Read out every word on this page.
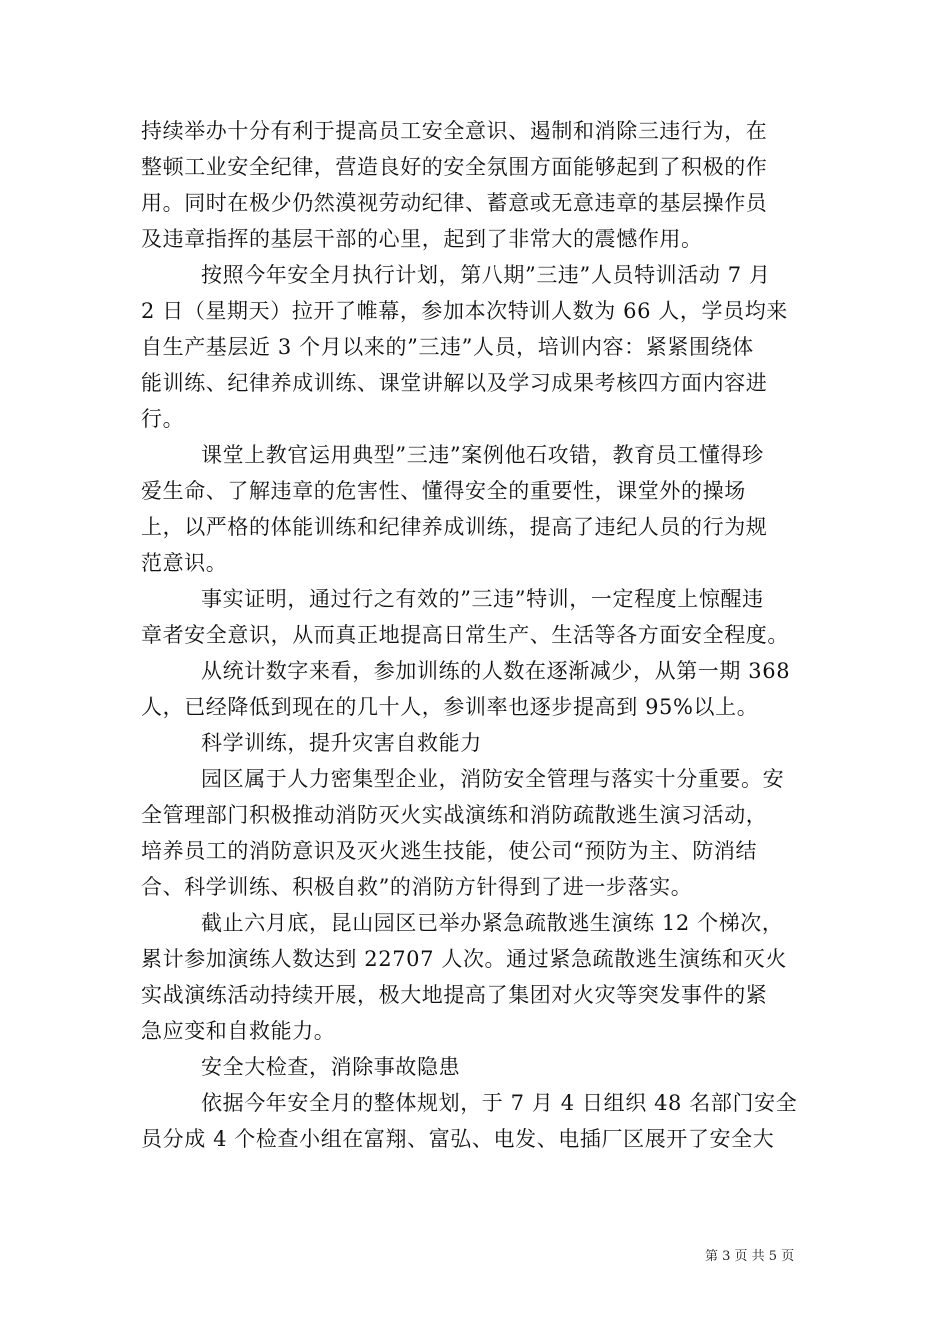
持续举办十分有利于提高员工安全意识、遏制和消除三违行为，在
整顿工业安全纪律，营造良好的安全氛围方面能够起到了积极的作
用。同时在极少仍然漠视劳动纪律、蓄意或无意违章的基层操作员
及违章指挥的基层干部的心里，起到了非常大的震憾作用。
按照今年安全月执行计划，第八期”三违”人员特训活动 7 月
2 日（星期天）拉开了帷幕，参加本次特训人数为 66 人，学员均来
自生产基层近 3 个月以来的”三违”人员，培训内容：紧紧围绕体
能训练、纪律养成训练、课堂讲解以及学习成果考核四方面内容进
行。
课堂上教官运用典型”三违”案例他石攻错，教育员工懂得珍
爱生命、了解违章的危害性、懂得安全的重要性，课堂外的操场
上，以严格的体能训练和纪律养成训练，提高了违纪人员的行为规
范意识。
事实证明，通过行之有效的”三违”特训，一定程度上惊醒违
章者安全意识，从而真正地提高日常生产、生活等各方面安全程度。
从统计数字来看，参加训练的人数在逐渐减少，从第一期 368
人，已经降低到现在的几十人，参训率也逐步提高到 95%以上。
科学训练，提升灾害自救能力
园区属于人力密集型企业，消防安全管理与落实十分重要。安
全管理部门积极推动消防灭火实战演练和消防疏散逃生演习活动，
培养员工的消防意识及灭火逃生技能，使公司“预防为主、防消结
合、科学训练、积极自救”的消防方针得到了进一步落实。
截止六月底，昆山园区已举办紧急疏散逃生演练 12 个梯次，
累计参加演练人数达到 22707 人次。通过紧急疏散逃生演练和灭火
实战演练活动持续开展，极大地提高了集团对火灾等突发事件的紧
急应变和自救能力。
安全大检查，消除事故隐患
依据今年安全月的整体规划，于 7 月 4 日组织 48 名部门安全
员分成 4 个检查小组在富翔、富弘、电发、电插厂区展开了安全大
第 3 页 共 5 页
